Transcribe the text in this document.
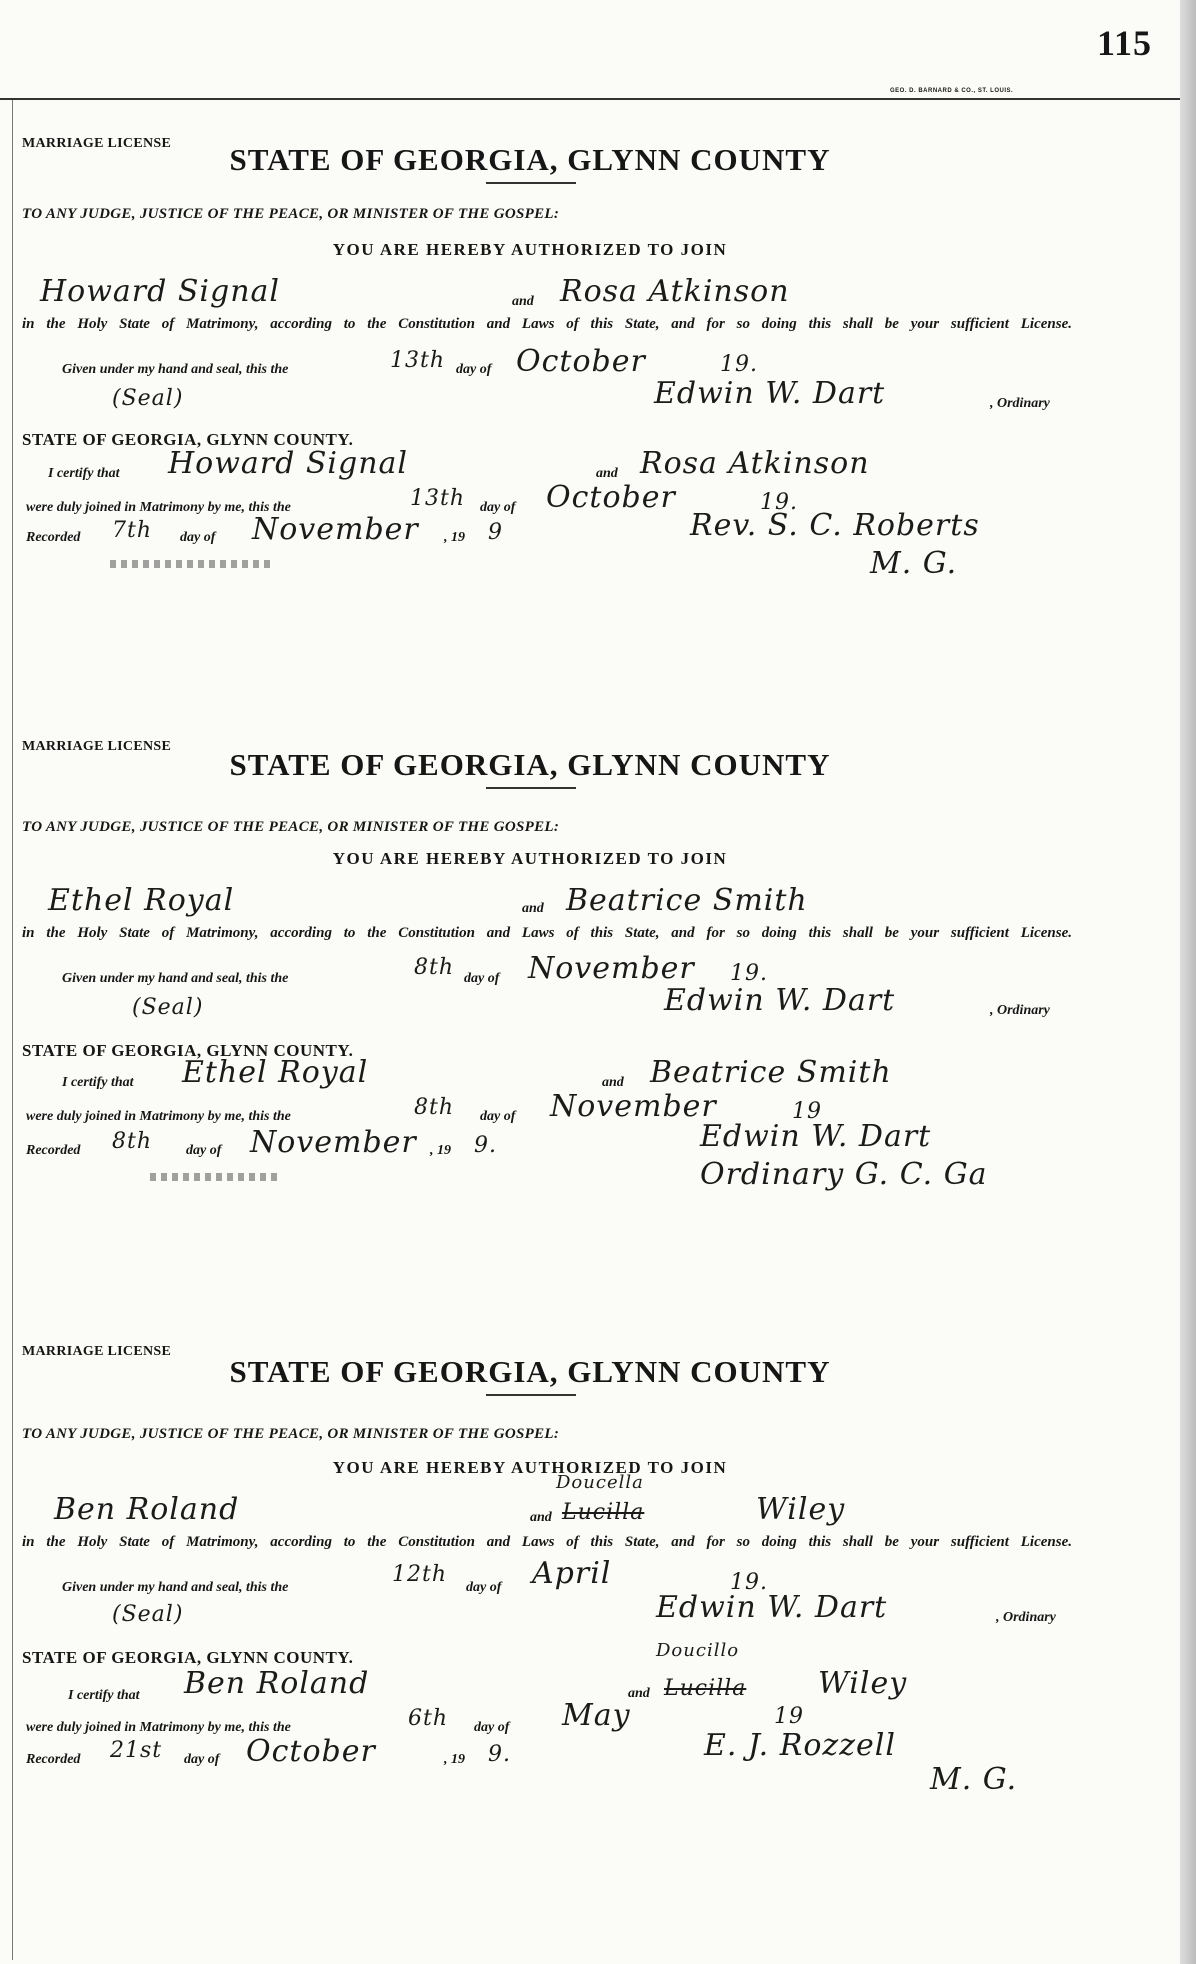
115
GEO. D. BARNARD & CO., ST. LOUIS.
MARRIAGE LICENSE	STATE OF GEORGIA, GLYNN COUNTY
TO ANY JUDGE, JUSTICE OF THE PEACE, OR MINISTER OF THE GOSPEL:
YOU ARE HEREBY AUTHORIZED TO JOIN
Howard Signal	and Rosa Atkinson
in the Holy State of Matrimony, according to the Constitution and Laws of this State, and for so doing this shall be your sufficient License.
Given under my hand and seal, this the	13th day of October	19.
(Seal)	Edwin W. Dart	, Ordinary
STATE OF GEORGIA, GLYNN COUNTY.
I certify that Howard Signal	and Rosa Atkinson
were duly joined in Matrimony by me, this the	13th day of October	19.
Recorded 7th day of November , 19 9	Rev. S. C. Roberts
M. G.
MARRIAGE LICENSE
STATE OF GEORGIA, GLYNN COUNTY
TO ANY JUDGE, JUSTICE OF THE PEACE, OR MINISTER OF THE GOSPEL:
YOU ARE HEREBY AUTHORIZED TO JOIN
Ethel Royal	and Beatrice Smith
in the Holy State of Matrimony, according to the Constitution and Laws of this State, and for so doing this shall be your sufficient License.
Given under my hand and seal, this the	8th day of November 19.
(Seal)	Edwin W. Dart	, Ordinary
STATE OF GEORGIA, GLYNN COUNTY.
I certify that Ethel Royal	and Beatrice Smith
were duly joined in Matrimony by me, this the	8th day of November	19
Recorded 8th day of November , 19 9.	Edwin W. Dart
Ordinary G. C. Ga
MARRIAGE LICENSE
STATE OF GEORGIA, GLYNN COUNTY
TO ANY JUDGE, JUSTICE OF THE PEACE, OR MINISTER OF THE GOSPEL:
YOU ARE HEREBY AUTHORIZED TO JOIN
Ben Roland
Doucella
and Lucilla	Wiley
in the Holy State of Matrimony, according to the Constitution and Laws of this State, and for so doing this shall be your sufficient License.
Given under my hand and seal, this the
12th
day of April	19.
(Seal)	Edwin W. Dart	, Ordinary
STATE OF GEORGIA, GLYNN COUNTY.	Doucillo
I certify that Ben Roland	and Lucilla Wiley
were duly joined in Matrimony by me, this the	6th day of May	19
Recorded 21st day of October	, 19 9.	E. J. Rozzell
M. G.
